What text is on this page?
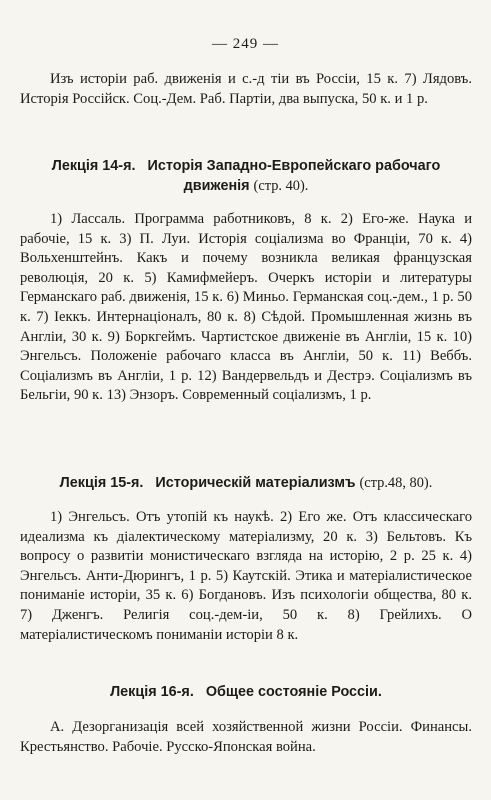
— 249 —

Изъ исторіи раб. движенія и с.-д тіи въ Россіи, 15 к. 7) Лядовъ. Исторія Россійск. Соц.-Дем. Раб. Партіи, два выпуска, 50 к. и 1 р.

Лекція 14-я. Исторія Западно-Европейскаго рабочаго движенія (стр. 40).

1) Лассаль. Программа работниковъ, 8 к. 2) Его-же. Наука и рабочіе, 15 к. 3) П. Луи. Исторія соціализма во Франціи, 70 к. 4) Вольхенштейнъ. Какъ и почему возникла великая французская революція, 20 к. 5) Камифмейеръ. Очеркъ исторіи и литературы Германскаго раб. движенія, 15 к. 6) Миньо. Германская соц.-дем., 1 р. 50 к. 7) Іеккъ. Интернаціоналъ, 80 к. 8) Сѣдой. Промышленная жизнь въ Англіи, 30 к. 9) Боркгеймъ. Чартистское движеніе въ Англіи, 15 к. 10) Энгельсъ. Положеніе рабочаго класса въ Англіи, 50 к. 11) Веббъ. Соціализмъ въ Англіи, 1 р. 12) Вандервельдъ и Дестрэ. Соціализмъ въ Бельгіи, 90 к. 13) Энзоръ. Современный соціализмъ, 1 р.

Лекція 15-я. Историческій матеріализмъ (стр.48, 80).

1) Энгельсъ. Отъ утопій къ наукѣ. 2) Его же. Отъ классическаго идеализма къ діалектическому матеріализму, 20 к. 3) Бельтовъ. Къ вопросу о развитіи монистическаго взгляда на исторію, 2 р. 25 к. 4) Энгельсъ. Анти-Дюрингъ, 1 р. 5) Каутскій. Этика и матеріалистическое пониманіе исторіи, 35 к. 6) Богдановъ. Изъ психологіи общества, 80 к. 7) Дженгъ. Религія соц.-дем-іи, 50 к. 8) Грейлихъ. О матеріалистическомъ пониманіи исторіи 8 к.

Лекція 16-я. Общее состояніе Россіи.

А. Дезорганизація всей хозяйственной жизни Россіи. Финансы. Крестьянство. Рабочіе. Русско-Японская война.
